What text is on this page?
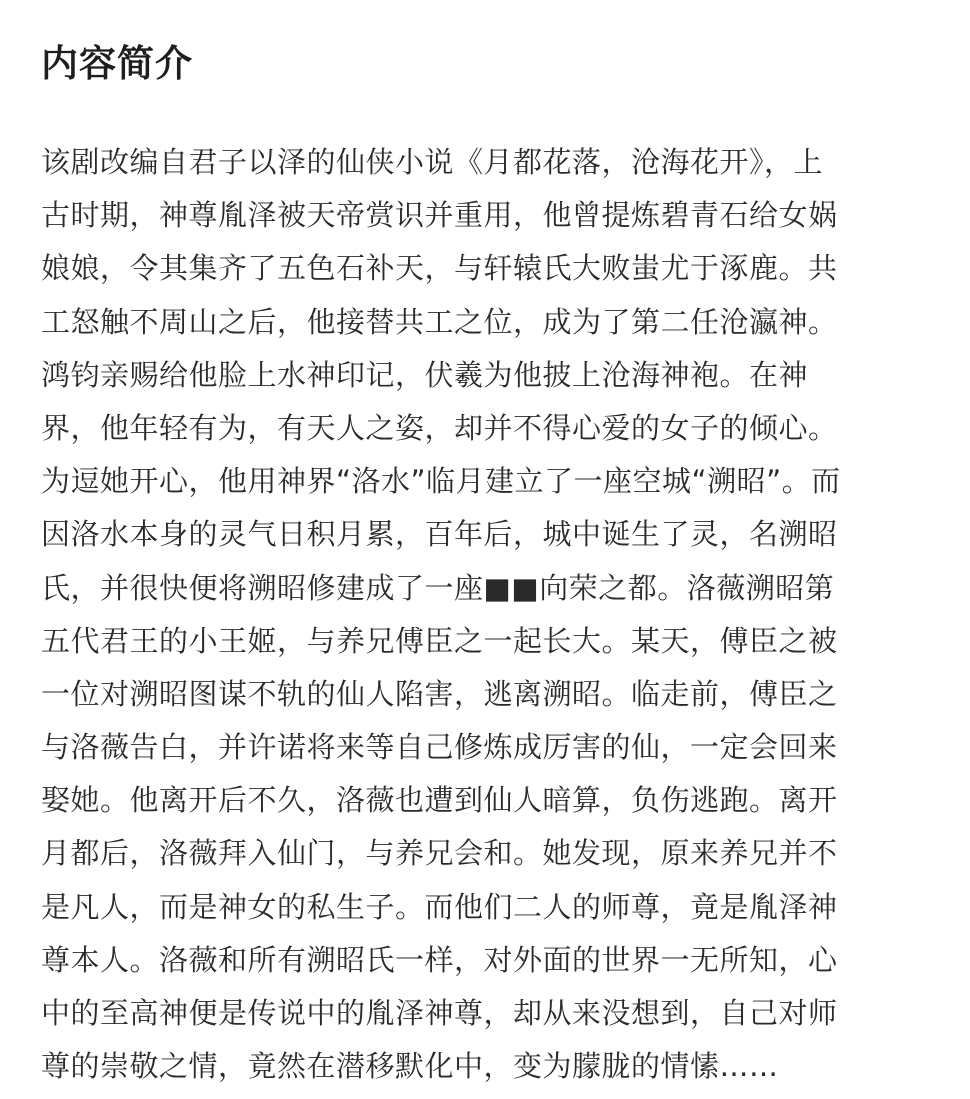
内容简介
该剧改编自君子以泽的仙侠小说《月都花落，沧海花开》，上
古时期，神尊胤泽被天帝赏识并重用，他曾提炼碧青石给女娲
娘娘，令其集齐了五色石补天，与轩辕氏大败蚩尤于涿鹿。共
工怒触不周山之后，他接替共工之位，成为了第二任沧瀛神。
鸿钧亲赐给他脸上水神印记，伏羲为他披上沧海神袍。在神
界，他年轻有为，有天人之姿，却并不得心爱的女子的倾心。
为逗她开心，他用神界“洛水”临月建立了一座空城“溯昭”。而
因洛水本身的灵气日积月累，百年后，城中诞生了灵，名溯昭
氏，并很快便将溯昭修建成了一座■■向荣之都。洛薇溯昭第
五代君王的小王姬，与养兄傅臣之一起长大。某天，傅臣之被
一位对溯昭图谋不轨的仙人陷害，逃离溯昭。临走前，傅臣之
与洛薇告白，并许诺将来等自己修炼成厉害的仙，一定会回来
娶她。他离开后不久，洛薇也遭到仙人暗算，负伤逃跑。离开
月都后，洛薇拜入仙门，与养兄会和。她发现，原来养兄并不
是凡人，而是神女的私生子。而他们二人的师尊，竟是胤泽神
尊本人。洛薇和所有溯昭氏一样，对外面的世界一无所知，心
中的至高神便是传说中的胤泽神尊，却从来没想到，自己对师
尊的崇敬之情，竟然在潜移默化中，变为朦胧的情愫……
